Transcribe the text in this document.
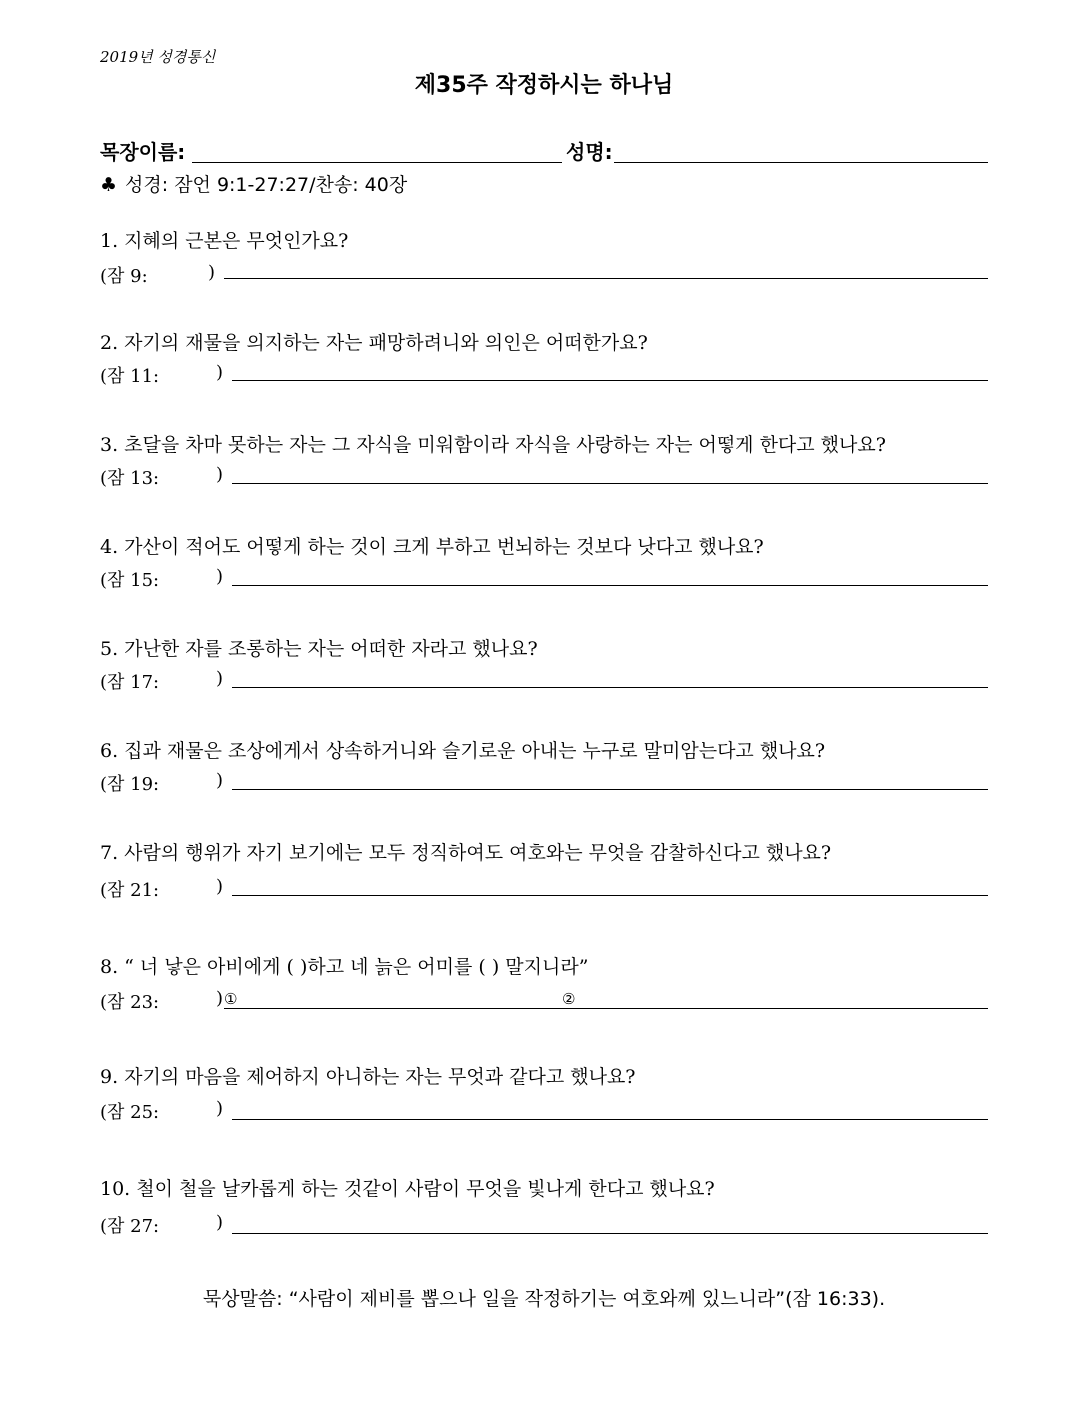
2019년 성경통신
제35주 작정하시는 하나님
목장이름:	성명:
♣ 성경: 잠언 9:1-27:27/찬송: 40장
1. 지혜의 근본은 무엇인가요?
(잠 9:	)
2. 자기의 재물을 의지하는 자는 패망하려니와 의인은 어떠한가요?
(잠 11:	)
3. 초달을 차마 못하는 자는 그 자식을 미워함이라 자식을 사랑하는 자는 어떻게 한다고 했나요?
(잠 13:	)
4. 가산이 적어도 어떻게 하는 것이 크게 부하고 번뇌하는 것보다 낫다고 했나요?
(잠 15:	)
5. 가난한 자를 조롱하는 자는 어떠한 자라고 했나요?
(잠 17:	)
6. 집과 재물은 조상에게서 상속하거니와 슬기로운 아내는 누구로 말미암는다고 했나요?
(잠 19:	)
7. 사람의 행위가 자기 보기에는 모두 정직하여도 여호와는 무엇을 감찰하신다고 했나요?
(잠 21:	)
8. “ 너 낳은 아비에게 ( )하고 네 늙은 어미를 ( ) 말지니라”
(잠 23:	) ①	②
9. 자기의 마음을 제어하지 아니하는 자는 무엇과 같다고 했나요?
(잠 25:	)
10. 철이 철을 날카롭게 하는 것같이 사람이 무엇을 빛나게 한다고 했나요?
(잠 27:	)
묵상말씀: “사람이 제비를 뽑으나 일을 작정하기는 여호와께 있느니라”(잠 16:33).
